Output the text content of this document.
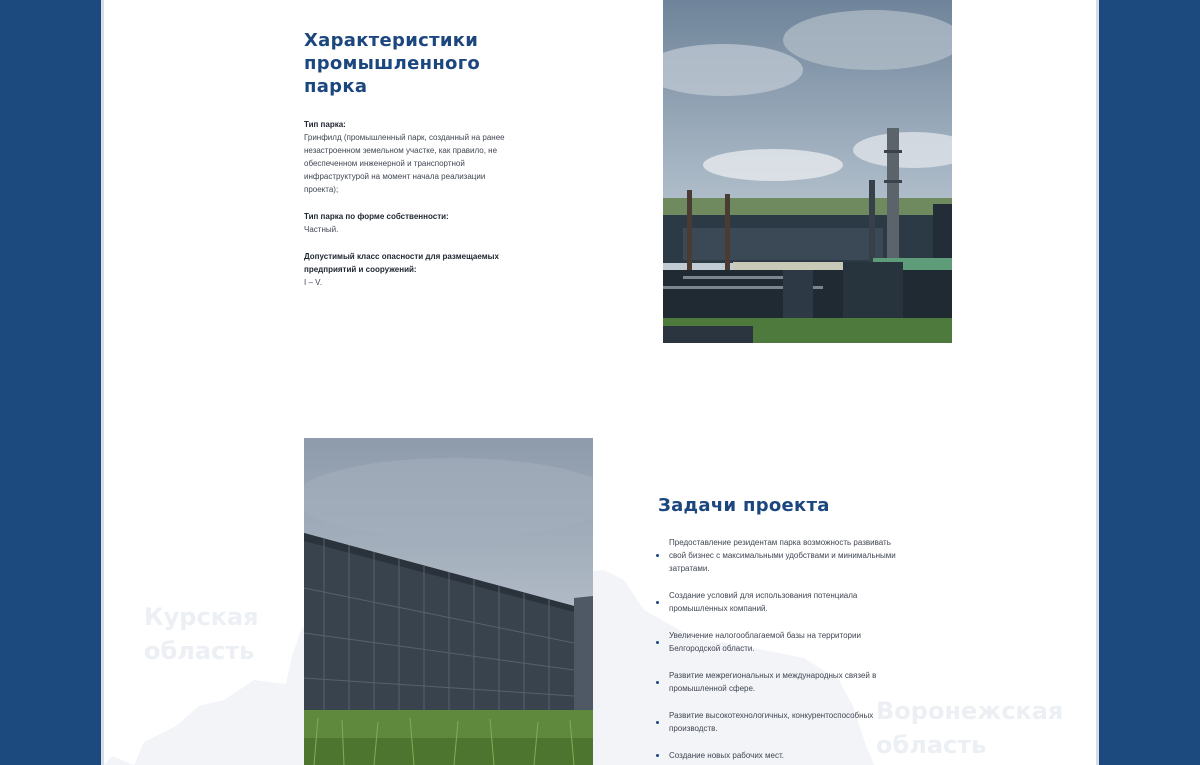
Курская область
Воронежская область
Характеристики промышленного парка
Тип парка:
Гринфилд (промышленный парк, созданный на ранее незастроенном земельном участке, как правило, не обеспеченном инженерной и транспортной инфраструктурой на момент начала реализации проекта);
Тип парка по форме собственности:
Частный.
Допустимый класс опасности для размещаемых предприятий и сооружений:
I – V.
Задачи проекта
Предоставление резидентам парка возможность развивать свой бизнес с максимальными удобствами и минимальными затратами.
Создание условий для использования потенциала промышленных компаний.
Увеличение налогооблагаемой базы на территории Белгородской области.
Развитие межрегиональных и международных связей в промышленной сфере.
Развитие высокотехнологичных, конкурентоспособных производств.
Создание новых рабочих мест.
